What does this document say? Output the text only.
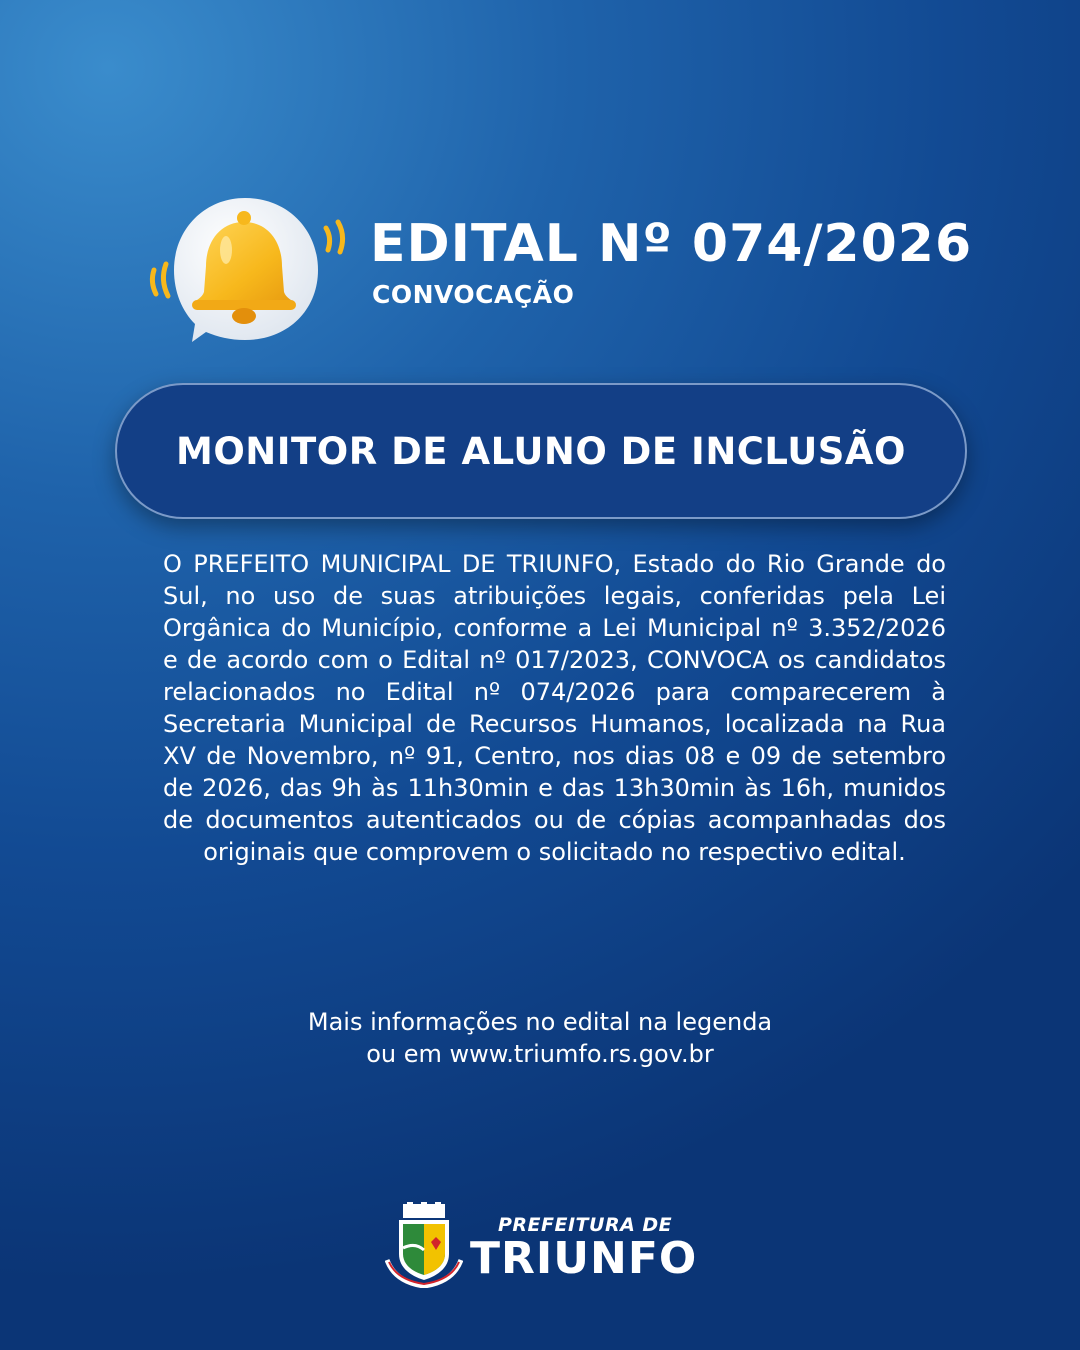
EDITAL Nº 074/2026
CONVOCAÇÃO
MONITOR DE ALUNO DE INCLUSÃO

O PREFEITO MUNICIPAL DE TRIUNFO, Estado do Rio Grande do Sul, no uso de suas atribuições legais, conferidas pela Lei Orgânica do Município, conforme a Lei Municipal nº 3.352/2026 e de acordo com o Edital nº 017/2023, CONVOCA os candidatos relacionados no Edital nº 074/2026 para comparecerem à Secretaria Municipal de Recursos Humanos, localizada na Rua XV de Novembro, nº 91, Centro, nos dias 08 e 09 de setembro de 2026, das 9h às 11h30min e das 13h30min às 16h, munidos de documentos autenticados ou de cópias acompanhadas dos originais que comprovem o solicitado no respectivo edital.

Mais informações no edital na legenda
ou em www.triumfo.rs.gov.br
PREFEITURA DE
TRIUNFO
